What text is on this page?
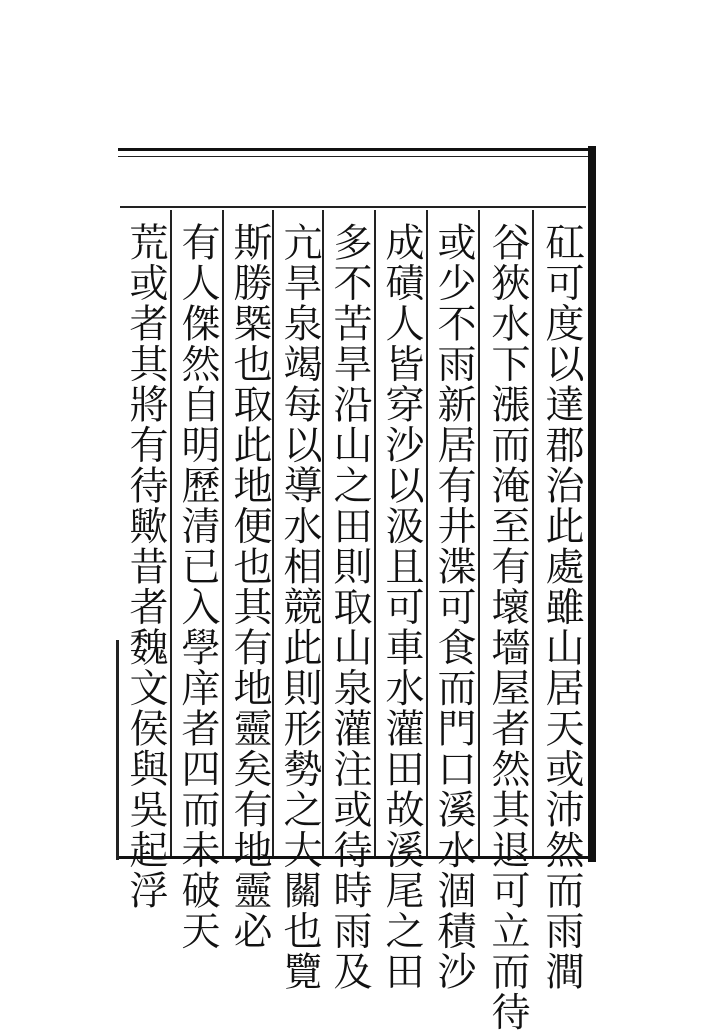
矼可度以達郡治此處雖山居天或沛然而雨澗
谷狹水下漲而淹至有壞墻屋者然其退可立而待
或少不雨新居有井渫可食而門口溪水涸積沙
成磧人皆穿沙以汲且可車水灌田故溪尾之田
多不苦旱沿山之田則取山泉灌注或待時雨及
亢旱泉竭每以導水相競此則形勢之大關也覽
斯勝槩也取此地便也其有地靈矣有地靈必
有人傑然自明歷清已入學庠者四而未破天
荒或者其將有待歟昔者魏文侯與吳起浮
